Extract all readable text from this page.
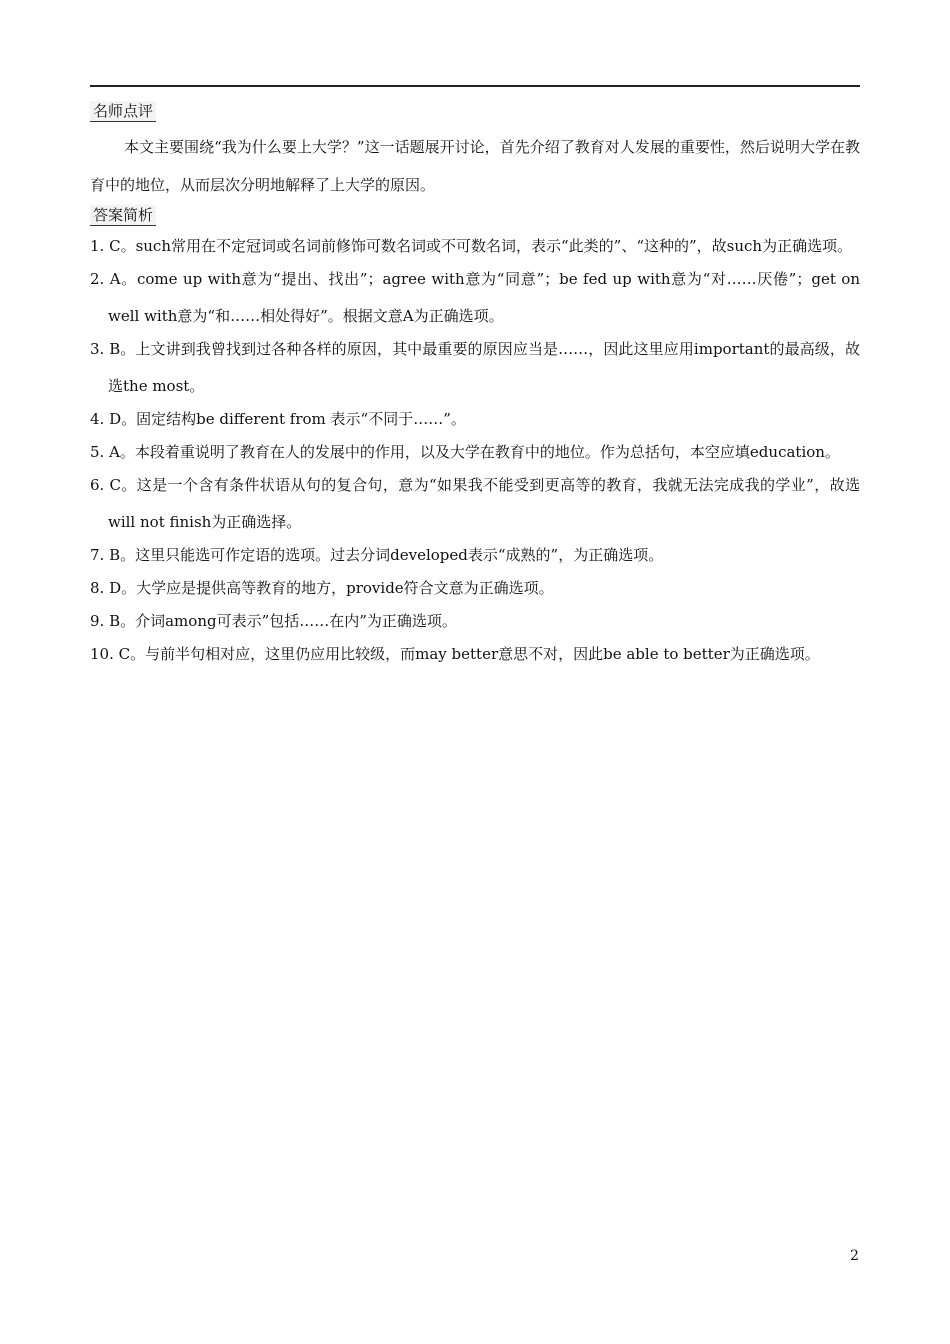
名师点评

本文主要围绕“我为什么要上大学？”这一话题展开讨论，首先介绍了教育对人发展的重要性，然后说明大学在教育中的地位，从而层次分明地解释了上大学的原因。

答案简析
1. C。such常用在不定冠词或名词前修饰可数名词或不可数名词，表示“此类的”、“这种的”，故such为正确选项。
2. A。come up with意为“提出、找出”；agree with意为“同意”；be fed up with意为“对……厌倦”；get on well with意为“和……相处得好”。根据文意A为正确选项。
3. B。上文讲到我曾找到过各种各样的原因，其中最重要的原因应当是……，因此这里应用important的最高级，故选the most。
4. D。固定结构be different from 表示“不同于……”。
5. A。本段着重说明了教育在人的发展中的作用，以及大学在教育中的地位。作为总括句，本空应填education。
6. C。这是一个含有条件状语从句的复合句，意为“如果我不能受到更高等的教育，我就无法完成我的学业”，故选will not finish为正确选择。
7. B。这里只能选可作定语的选项。过去分词developed表示“成熟的”，为正确选项。
8. D。大学应是提供高等教育的地方，provide符合文意为正确选项。
9. B。介词among可表示”包括……在内”为正确选项。
10. C。与前半句相对应，这里仍应用比较级，而may better意思不对，因此be able to better为正确选项。
2
